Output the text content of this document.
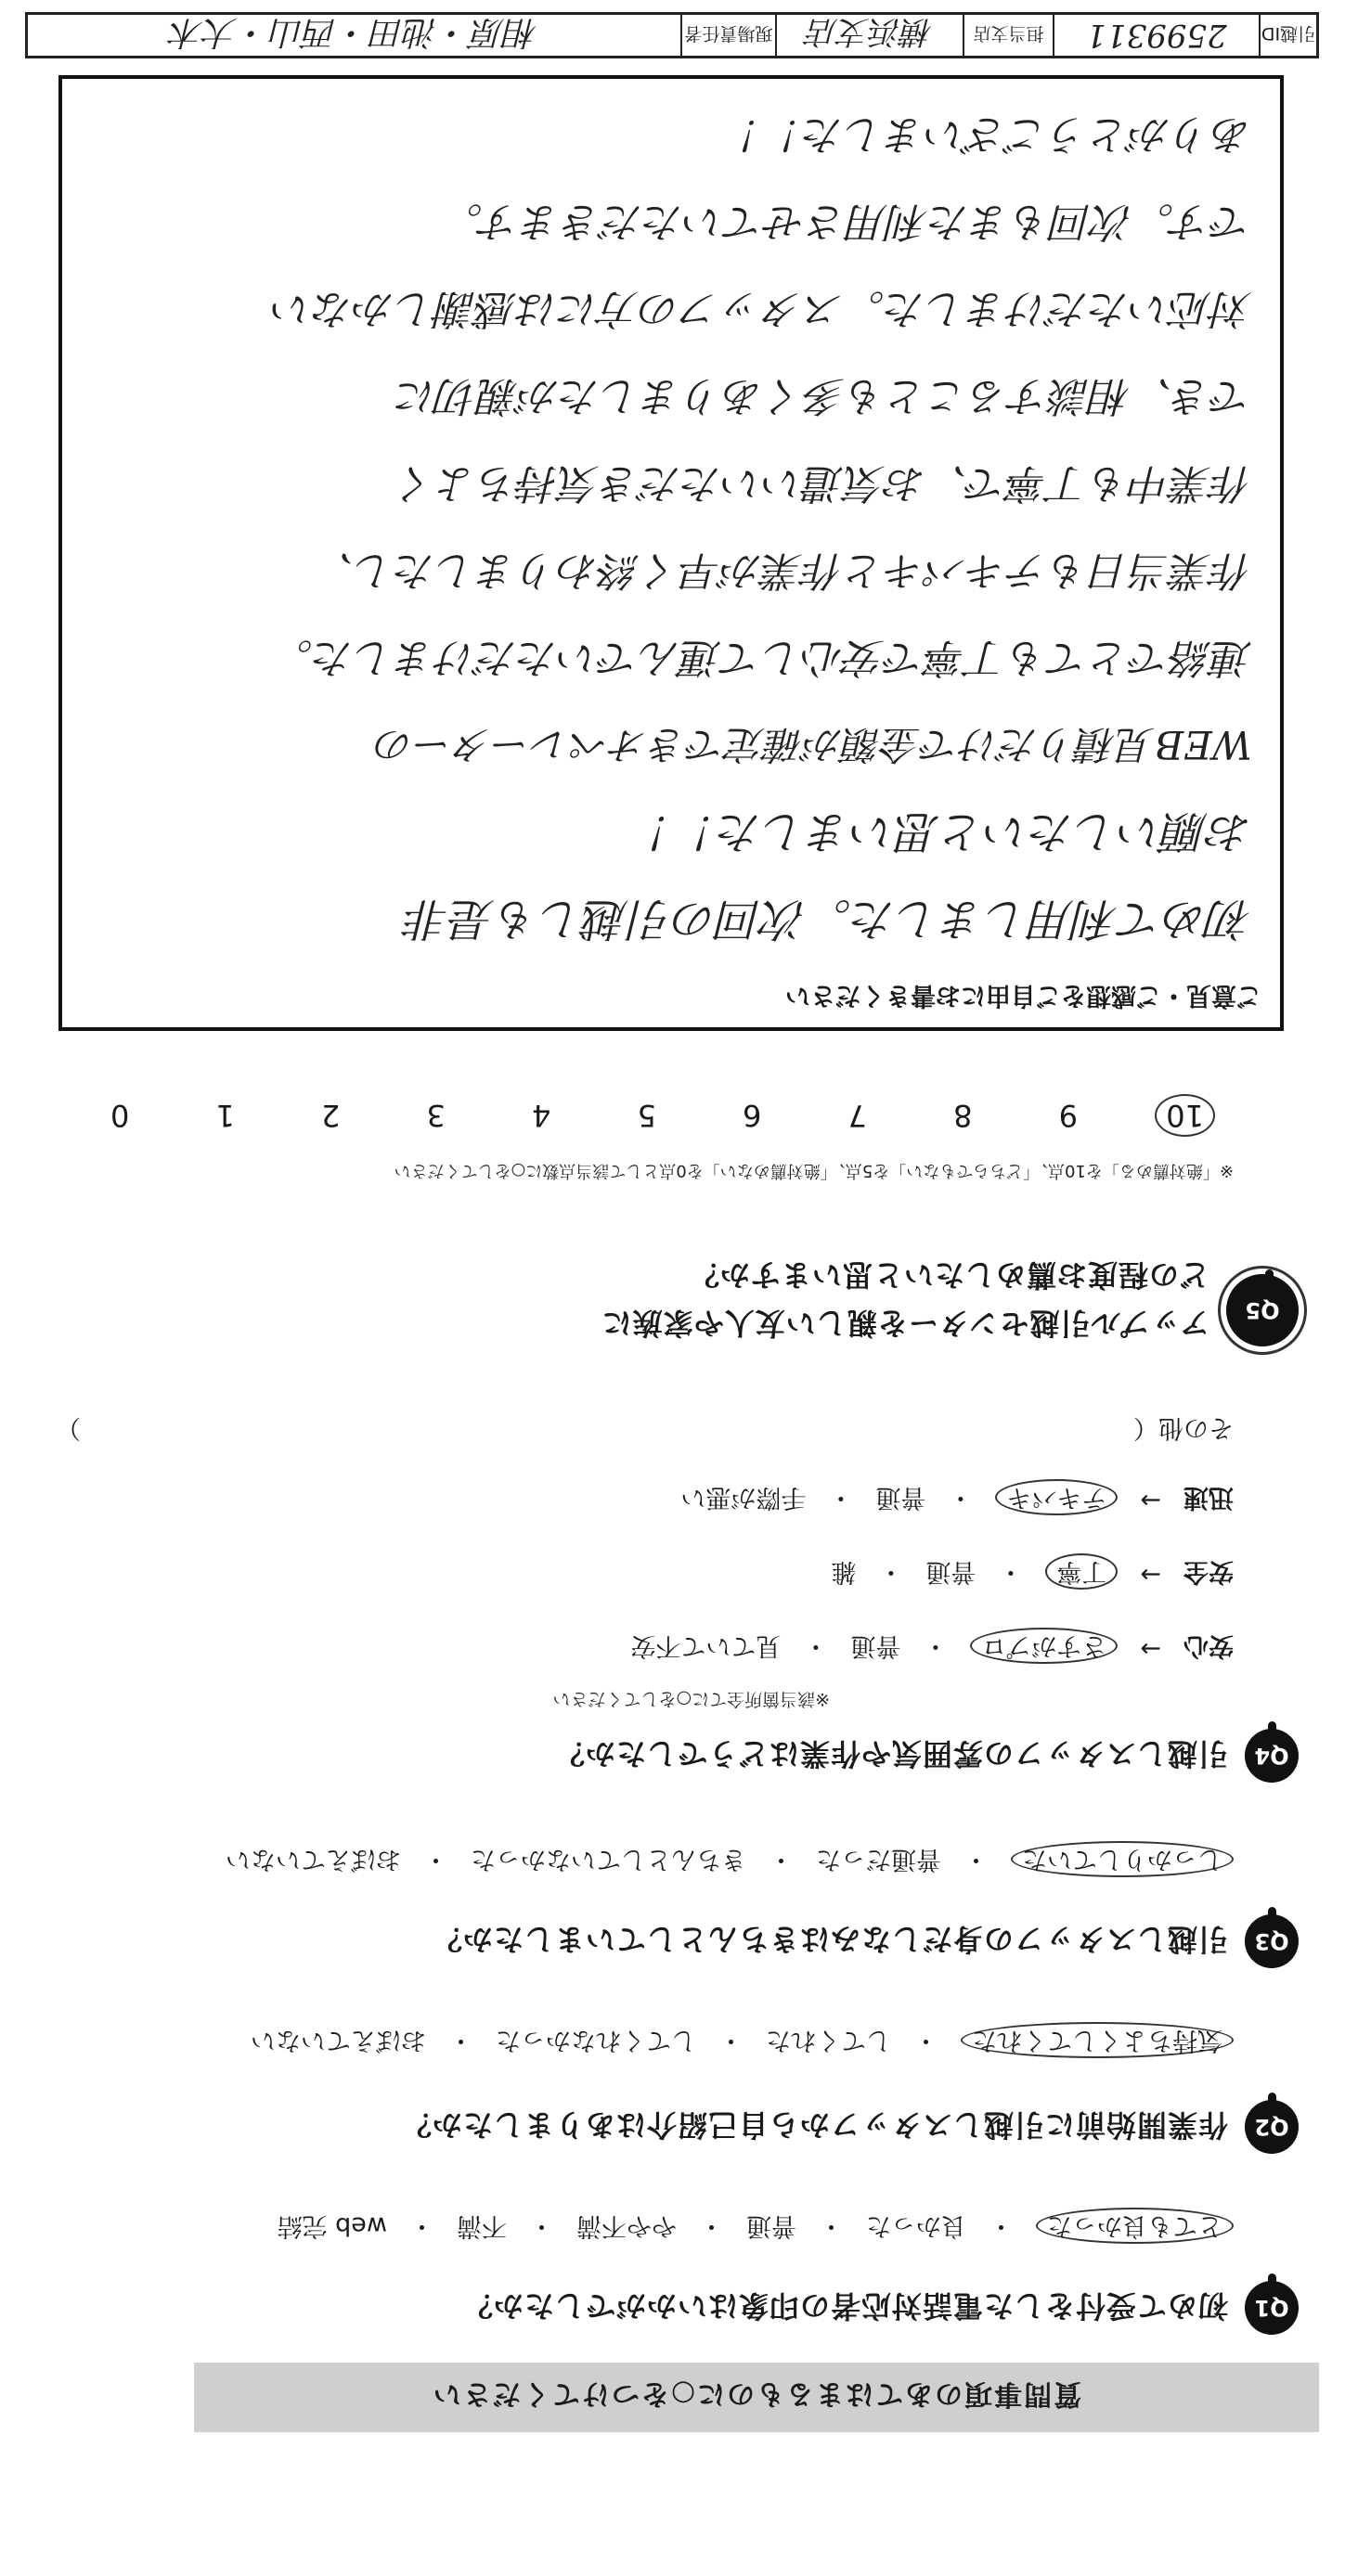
質問事項のあてはまるものに○をつけてください
Q1
初めて受付をした電話対応者の印象はいかがでしたか？
とても良かった
・
良かった
・
普通
・
やや不満
・
不満
・
web 完結
Q2
作業開始前に引越しスタッフから自己紹介はありましたか？
気持ちよくしてくれた
・
してくれた
・
してくれなかった
・
おぼえていない
Q3
引越しスタッフの身だしなみはきちんとしていましたか？
しっかりしていた
・
普通だった
・
きちんとしていなかった
・
おぼえていない
Q4
引越しスタッフの雰囲気や作業はどうでしたか？
※該当箇所全てに○をしてください
安心
→
さすがプロ
・
普通
・
見ていて不安
安全
→
丁寧
・
普通
・
雑
迅速
→
テキパキ
・
普通
・
手際が悪い
その他（
）
Q5
アップル引越センターを親しい友人や家族に
どの程度お薦めしたいと思いますか？
※「絶対薦める」を10点、「どちらでもない」を5点、「絶対薦めない」を0点として該当点数に○をしてください
10
9
8
7
6
5
4
3
2
1
0
ご意見・ご感想をご自由にお書きください
初めて利用しました。次回の引越しも是非
お願いしたいと思いました！！
WEB見積りだけで金額が確定できオペレーターの
連絡でとても丁寧で安心して運んでいただけました。
作業当日もテキパキと作業が早く終わりましたし、
作業中も丁寧で、お気遣いいただき気持ちよく
でき、相談することも多くありましたが親切に
対応いただけました。スタッフの方には感謝しかない
です。次回もまた利用させていただきます。
ありがとうございました！！
引越ID
2599311
担当支店
横浜支店
現場責任者
相原・池田・西山・大木
